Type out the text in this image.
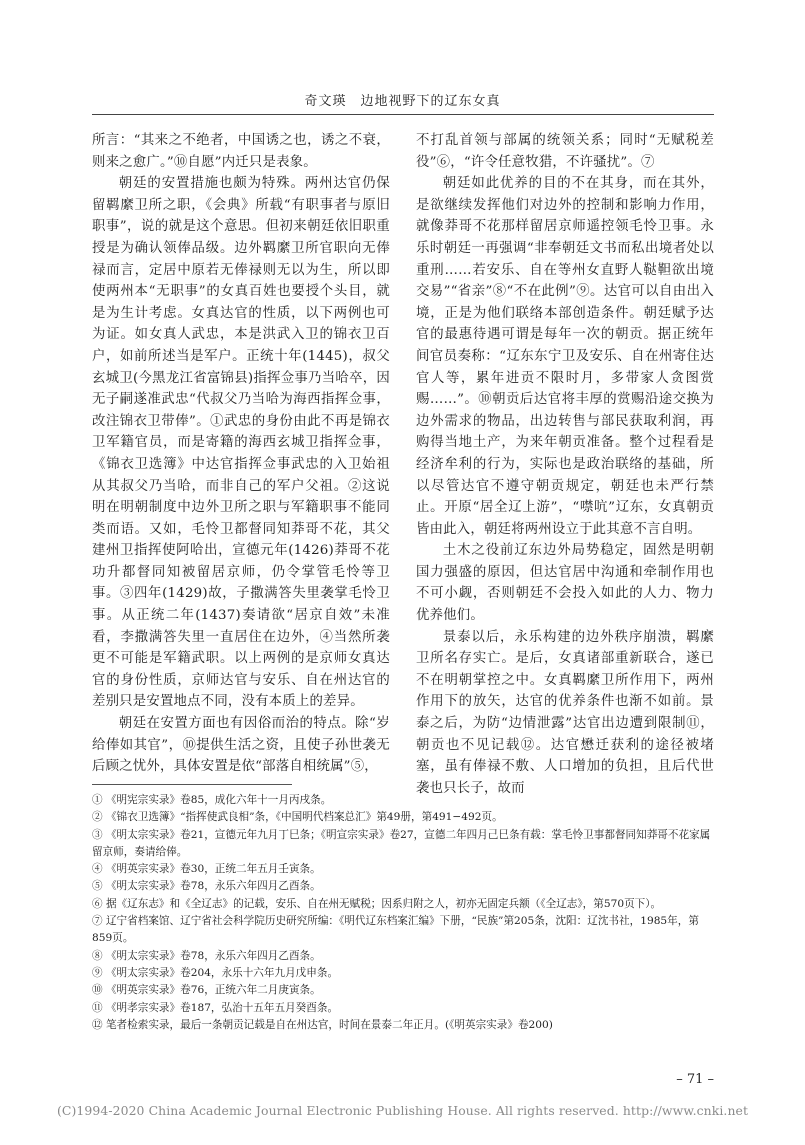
奇文瑛　边地视野下的辽东女真

所言：“其来之不绝者，中国诱之也，诱之不衰，则来之愈广。”⑩自愿”内迁只是表象。

朝廷的安置措施也颇为特殊。两州达官仍保留羁縻卫所之职，《会典》所载“有职事者与原旧职事”，说的就是这个意思。但初来朝廷依旧职重授是为确认领俸品级。边外羁縻卫所官职向无俸禄而言，定居中原若无俸禄则无以为生，所以即使两州本“无职事”的女真百姓也要授个头目，就是为生计考虑。女真达官的性质，以下两例也可为证。如女真人武忠，本是洪武入卫的锦衣卫百户，如前所述当是军户。正统十年(1445)，叔父玄城卫(今黑龙江省富锦县)指挥佥事乃当哈卒，因无子嗣遂准武忠“代叔父乃当哈为海西指挥佥事，改注锦衣卫带俸”。①武忠的身份由此不再是锦衣卫军籍官员，而是寄籍的海西玄城卫指挥佥事，《锦衣卫选簿》中达官指挥佥事武忠的入卫始祖从其叔父乃当哈，而非自己的军户父祖。②这说明在明朝制度中边外卫所之职与军籍职事不能同类而语。又如，毛怜卫都督同知莽哥不花，其父建州卫指挥使阿哈出，宣德元年(1426)莽哥不花功升都督同知被留居京师，仍令掌管毛怜等卫事。③四年(1429)故，子撒满答失里袭掌毛怜卫事。从正统二年(1437)奏请欲“居京自效”未准看，李撒满答失里一直居住在边外，④当然所袭更不可能是军籍武职。以上两例的是京师女真达官的身份性质，京师达官与安乐、自在州达官的差别只是安置地点不同，没有本质上的差异。

朝廷在安置方面也有因俗而治的特点。除“岁给俸如其官”，⑩提供生活之资，且使子孙世袭无后顾之忧外，具体安置是依“部落自相统属”⑤，

不打乱首领与部属的统领关系；同时“无赋税差役”⑥，“许令任意牧猎，不许骚扰”。⑦

朝廷如此优养的目的不在其身，而在其外，是欲继续发挥他们对边外的控制和影响力作用，就像莽哥不花那样留居京师遥控领毛怜卫事。永乐时朝廷一再强调“非奉朝廷文书而私出境者处以重刑……若安乐、自在等州女直野人鞑靼欲出境交易”“省亲”⑧“不在此例”⑨。达官可以自由出入境，正是为他们联络本部创造条件。朝廷赋予达官的最惠待遇可谓是每年一次的朝贡。据正统年间官员奏称：“辽东东宁卫及安乐、自在州寄住达官人等，累年进贡不限时月，多带家人贪图赏赐……”。⑩朝贡后达官将丰厚的赏赐沿途交换为边外需求的物品，出边转售与部民获取利润，再购得当地土产，为来年朝贡准备。整个过程看是经济牟利的行为，实际也是政治联络的基础，所以尽管达官不遵守朝贡规定，朝廷也未严行禁止。开原“居全辽上游”，“噤吭”辽东，女真朝贡皆由此入，朝廷将两州设立于此其意不言自明。

土木之役前辽东边外局势稳定，固然是明朝国力强盛的原因，但达官居中沟通和牵制作用也不可小觑，否则朝廷不会投入如此的人力、物力优养他们。

景泰以后，永乐构建的边外秩序崩溃，羁縻卫所名存实亡。是后，女真诸部重新联合，遂已不在明朝掌控之中。女真羁縻卫所作用下，两州作用下的放矢，达官的优养条件也渐不如前。景泰之后，为防“边情泄露”达官出边遭到限制⑪，朝贡也不见记载⑫。达官懋迁获利的途径被堵塞，虽有俸禄不敷、人口增加的负担，且后代世袭也只长子，故而

① 《明宪宗实录》卷85，成化六年十一月丙戌条。
② 《锦衣卫选簿》“指挥使武良相”条，《中国明代档案总汇》第49册，第491−492页。
③ 《明太宗实录》卷21，宣德元年九月丁巳条；《明宣宗实录》卷27，宣德二年四月己巳条有载：掌毛怜卫事都督同知莽哥不花家属留京师，奏请给俸。
④ 《明英宗实录》卷30，正统二年五月壬寅条。
⑤ 《明太宗实录》卷78，永乐六年四月乙酉条。
⑥ 据《辽东志》和《全辽志》的记载，安乐、自在州无赋税；因系归附之人，初亦无固定兵额（《全辽志》，第570页下）。
⑦ 辽宁省档案馆、辽宁省社会科学院历史研究所编：《明代辽东档案汇编》下册，“民族”第205条，沈阳：辽沈书社，1985年，第859页。
⑧ 《明太宗实录》卷78，永乐六年四月乙酉条。
⑨ 《明太宗实录》卷204，永乐十六年九月戊申条。
⑩ 《明英宗实录》卷76，正统六年二月庚寅条。
⑪ 《明孝宗实录》卷187，弘治十五年五月癸酉条。
⑫ 笔者检索实录，最后一条朝贡记载是自在州达官，时间在景泰二年正月。(《明英宗实录》卷200)
– 71 –
(C)1994-2020 China Academic Journal Electronic Publishing House. All rights reserved. http://www.cnki.net
